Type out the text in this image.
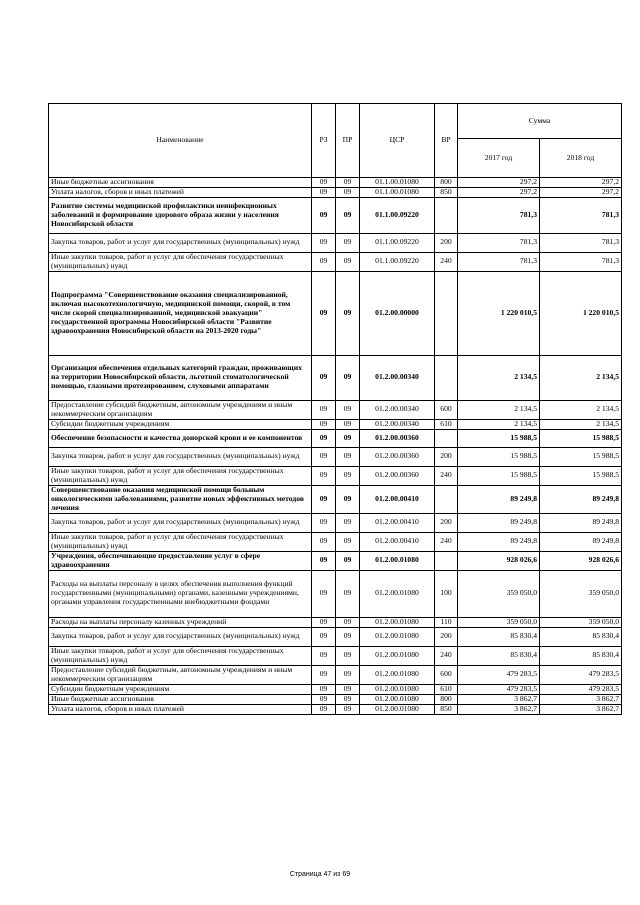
Наименование	РЗ	ПР	ЦСР	ВР	Сумма	
					2017 год	2018 год
Иные бюджетные ассигнования	09	09	01.1.00.01080	800	297,2	297,2
Уплата налогов, сборов и иных платежей	09	09	01.1.00.01080	850	297,2	297,2
Развитие системы медицинской профилактики неинфекционных заболеваний и формирование здорового образа жизни у населения Новосибирской области	09	09	01.1.00.09220		781,3	781,3
Закупка товаров, работ и услуг для государственных (муниципальных) нужд	09	09	01.1.00.09220	200	781,3	781,3
Иные закупки товаров, работ и услуг для обеспечения государственных (муниципальных) нужд	09	09	01.1.00.09220	240	781,3	781,3
Подпрограмма "Совершенствование оказания специализированной, включая высокотехнологичную, медицинской помощи, скорой, в том числе скорой специализированной, медицинской эвакуации" государственной программы Новосибирской области "Развитие здравоохранения Новосибирской области на 2013-2020 годы"	09	09	01.2.00.00000		1 220 010,5	1 220 010,5
Организация обеспечения отдельных категорий граждан, проживающих на территории Новосибирской области, льготной стоматологической помощью, глазными протезированием, слуховыми аппаратами	09	09	01.2.00.00340		2 134,5	2 134,5
Предоставление субсидий бюджетным, автономным учреждениям и иным некоммерческим организациям	09	09	01.2.00.00340	600	2 134,5	2 134,5
Субсидии бюджетным учреждениям	09	09	01.2.00.00340	610	2 134,5	2 134,5
Обеспечение безопасности и качества донорской крови и ее компонентов	09	09	01.2.00.00360		15 988,5	15 988,5
Закупка товаров, работ и услуг для государственных (муниципальных) нужд	09	09	01.2.00.00360	200	15 988,5	15 988,5
Иные закупки товаров, работ и услуг для обеспечения государственных (муниципальных) нужд	09	09	01.2.00.00360	240	15 988,5	15 988,5
Совершенствование оказания медицинской помощи больным онкологическими заболеваниями, развитие новых эффективных методов лечения	09	09	01.2.00.00410		89 249,8	89 249,8
Закупка товаров, работ и услуг для государственных (муниципальных) нужд	09	09	01.2.00.00410	200	89 249,8	89 249,8
Иные закупки товаров, работ и услуг для обеспечения государственных (муниципальных) нужд	09	09	01.2.00.00410	240	89 249,8	89 249,8
Учреждения, обеспечивающие предоставление услуг в сфере здравоохранения	09	09	01.2.00.01080		928 026,6	928 026,6
Расходы на выплаты персоналу в целях обеспечения выполнения функций государственными (муниципальными) органами, казенными учреждениями, органами управления государственными внебюджетными фондами	09	09	01.2.00.01080	100	359 050,0	359 050,0
Расходы на выплаты персоналу казенных учреждений	09	09	01.2.00.01080	110	359 050,0	359 050,0
Закупка товаров, работ и услуг для государственных (муниципальных) нужд	09	09	01.2.00.01080	200	85 830,4	85 830,4
Иные закупки товаров, работ и услуг для обеспечения государственных (муниципальных) нужд	09	09	01.2.00.01080	240	85 830,4	85 830,4
Предоставление субсидий бюджетным, автономным учреждениям и иным некоммерческим организациям	09	09	01.2.00.01080	600	479 283,5	479 283,5
Субсидии бюджетным учреждениям	09	09	01.2.00.01080	610	479 283,5	479 283,5
Иные бюджетные ассигнования	09	09	01.2.00.01080	800	3 862,7	3 862,7
Уплата налогов, сборов и иных платежей	09	09	01.2.00.01080	850	3 862,7	3 862,7
Страница 47 из 69
